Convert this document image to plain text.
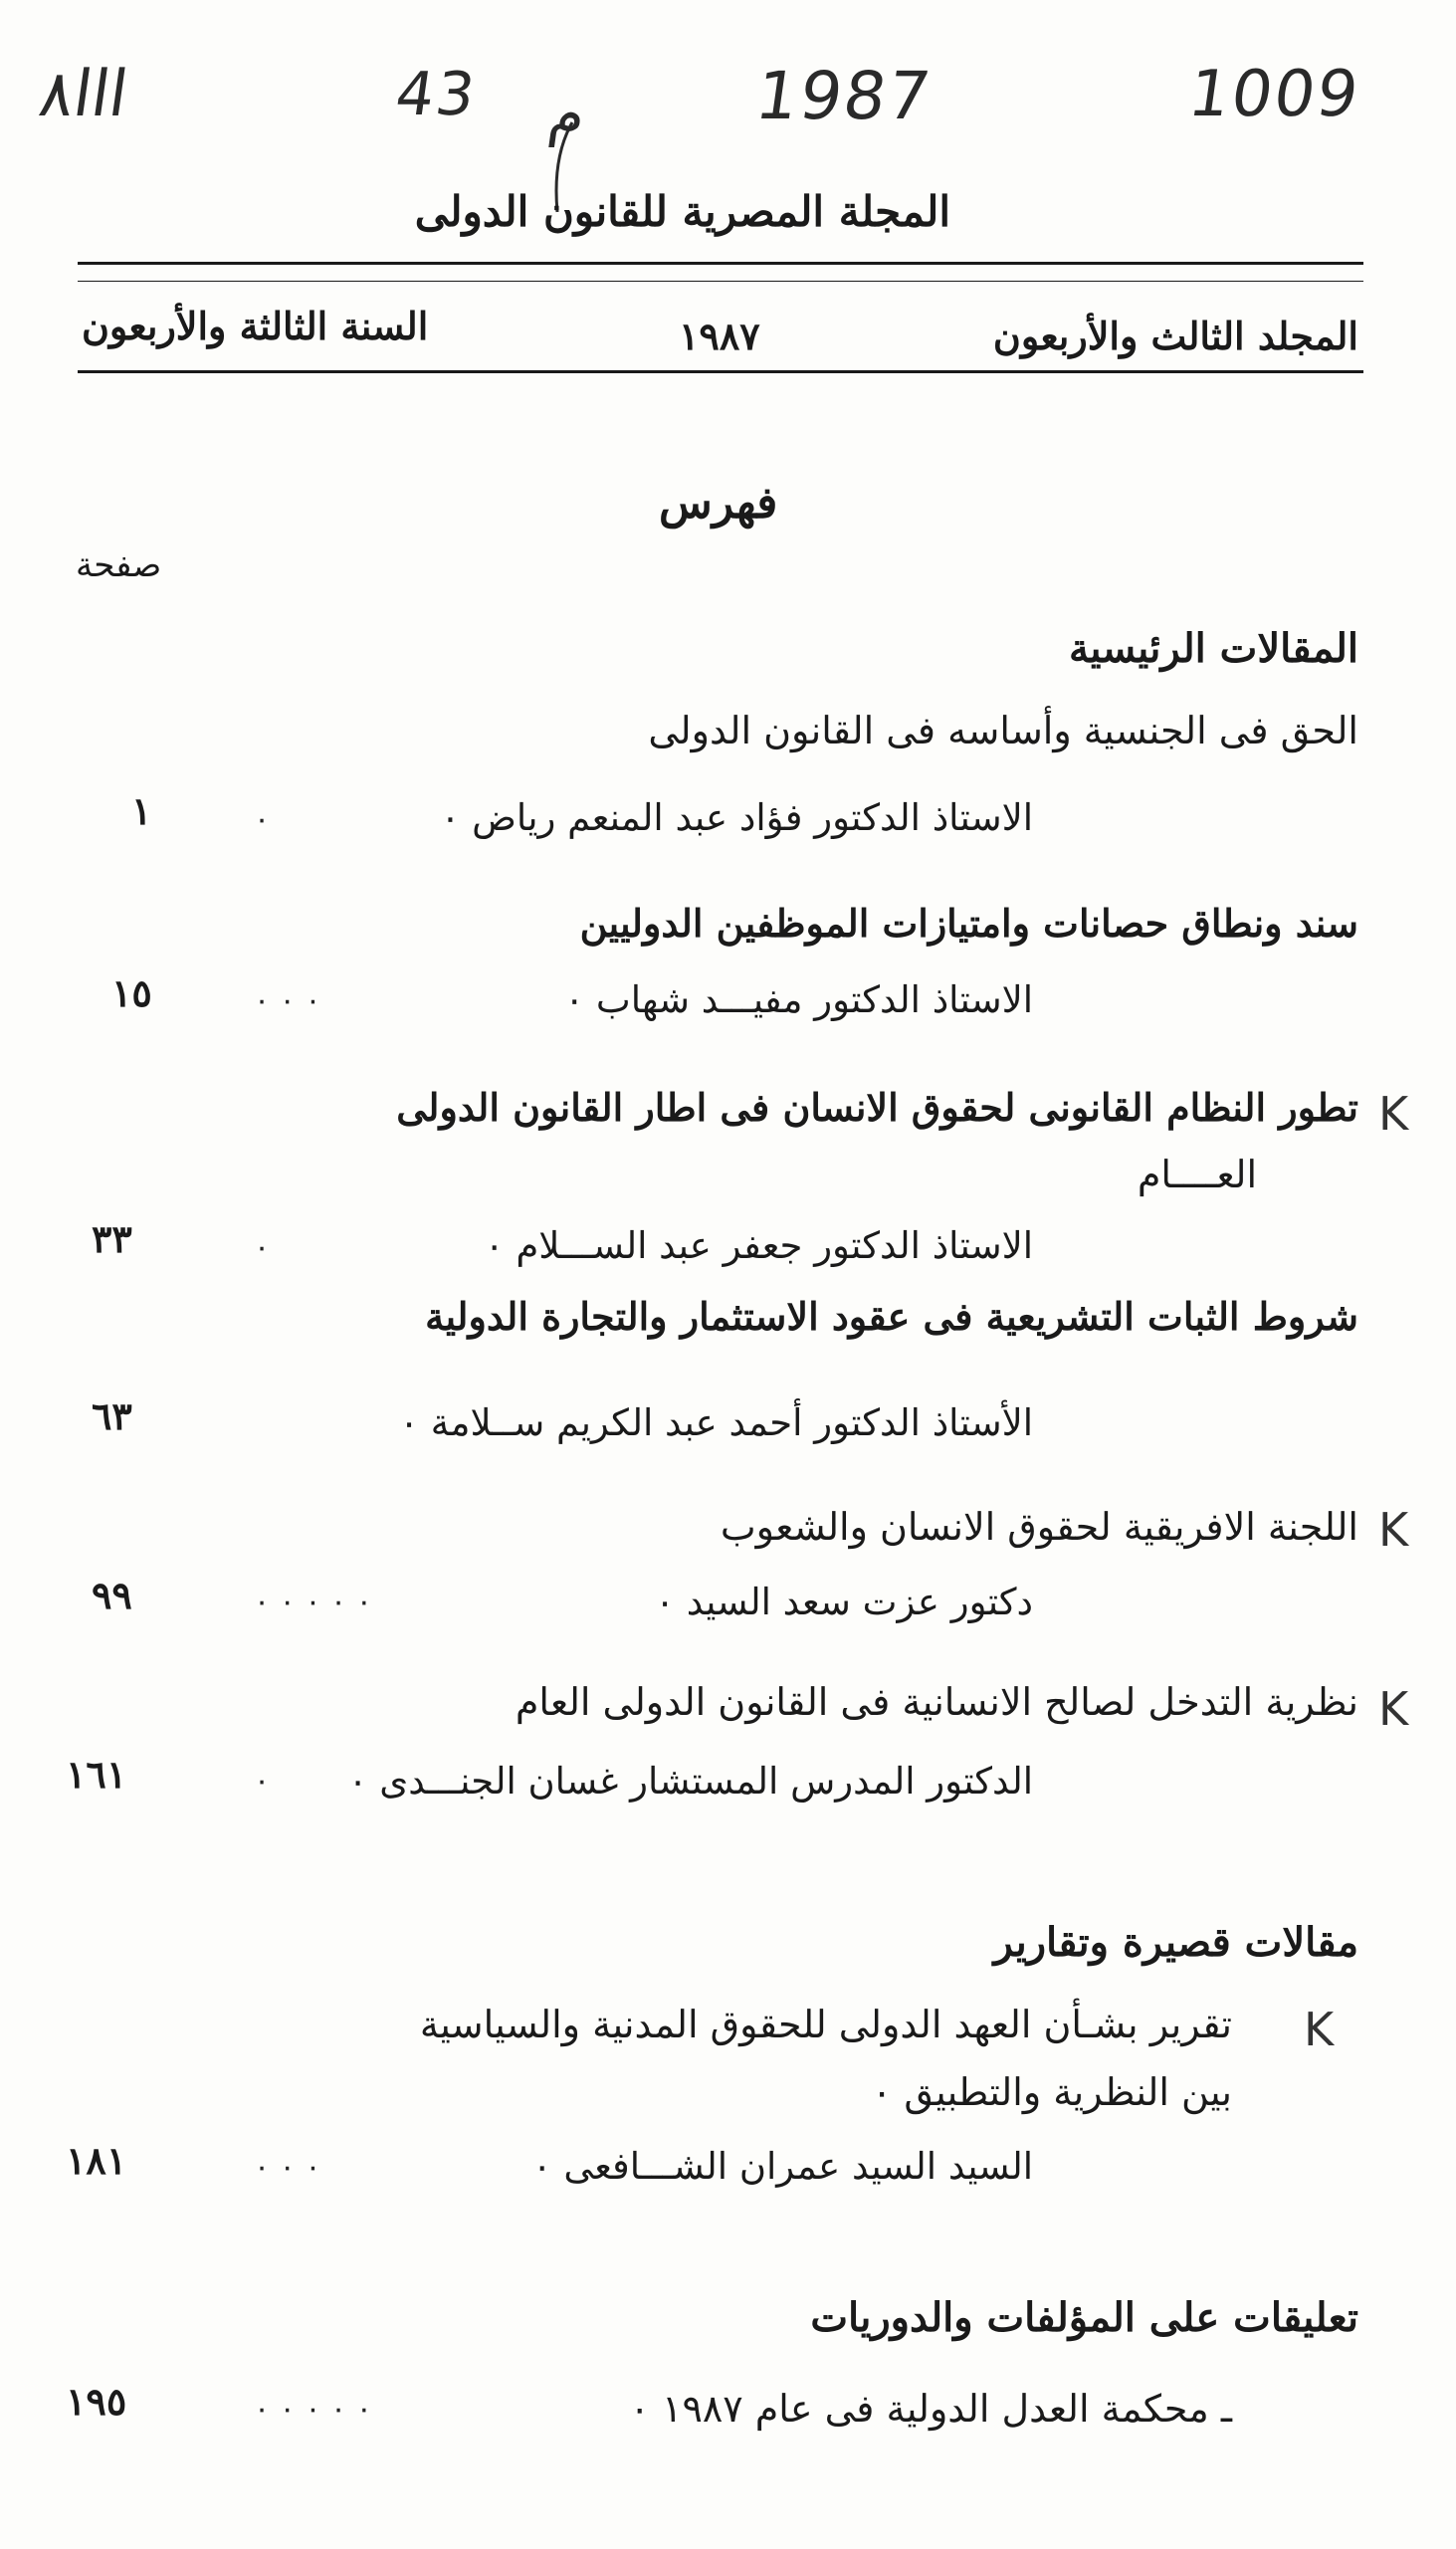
ﺍﺍﺍ٨	43 م 1987	1009
المجلة المصرية للقانون الدولى
المجلد الثالث والأربعون
١٩٨٧
السنة الثالثة والأربعون
فهرس
صفحة
المقالات الرئيسية
الحق فى الجنسية وأساسه فى القانون الدولى
الاستاذ الدكتور فؤاد عبد المنعم رياض ٠
٠
١
سند ونطاق حصانات وامتيازات الموظفين الدوليين
الاستاذ الدكتور مفيـــد شهاب ٠
٠ ٠ ٠
١٥
K
تطور النظام القانونى لحقوق الانسان فى اطار القانون الدولى
العــــام
الاستاذ الدكتور جعفر عبد الســـلام ٠
٠
٣٣
شروط الثبات التشريعية فى عقود الاستثمار والتجارة الدولية
الأستاذ الدكتور أحمد عبد الكريم ســلامة ٠
٦٣
K
اللجنة الافريقية لحقوق الانسان والشعوب
دكتور عزت سعد السيد ٠
٠ ٠ ٠ ٠ ٠
٩٩
K
نظرية التدخل لصالح الانسانية فى القانون الدولى العام
الدكتور المدرس المستشار غسان الجنـــدى ٠
٠
١٦١
مقالات قصيرة وتقارير
K
تقرير بشـأن العهد الدولى للحقوق المدنية والسياسية
بين النظرية والتطبيق ٠
السيد السيد عمران الشـــافعى ٠
٠ ٠ ٠
١٨١
تعليقات على المؤلفات والدوريات
ـ محكمة العدل الدولية فى عام ١٩٨٧ ٠
٠ ٠ ٠ ٠ ٠
١٩٥
